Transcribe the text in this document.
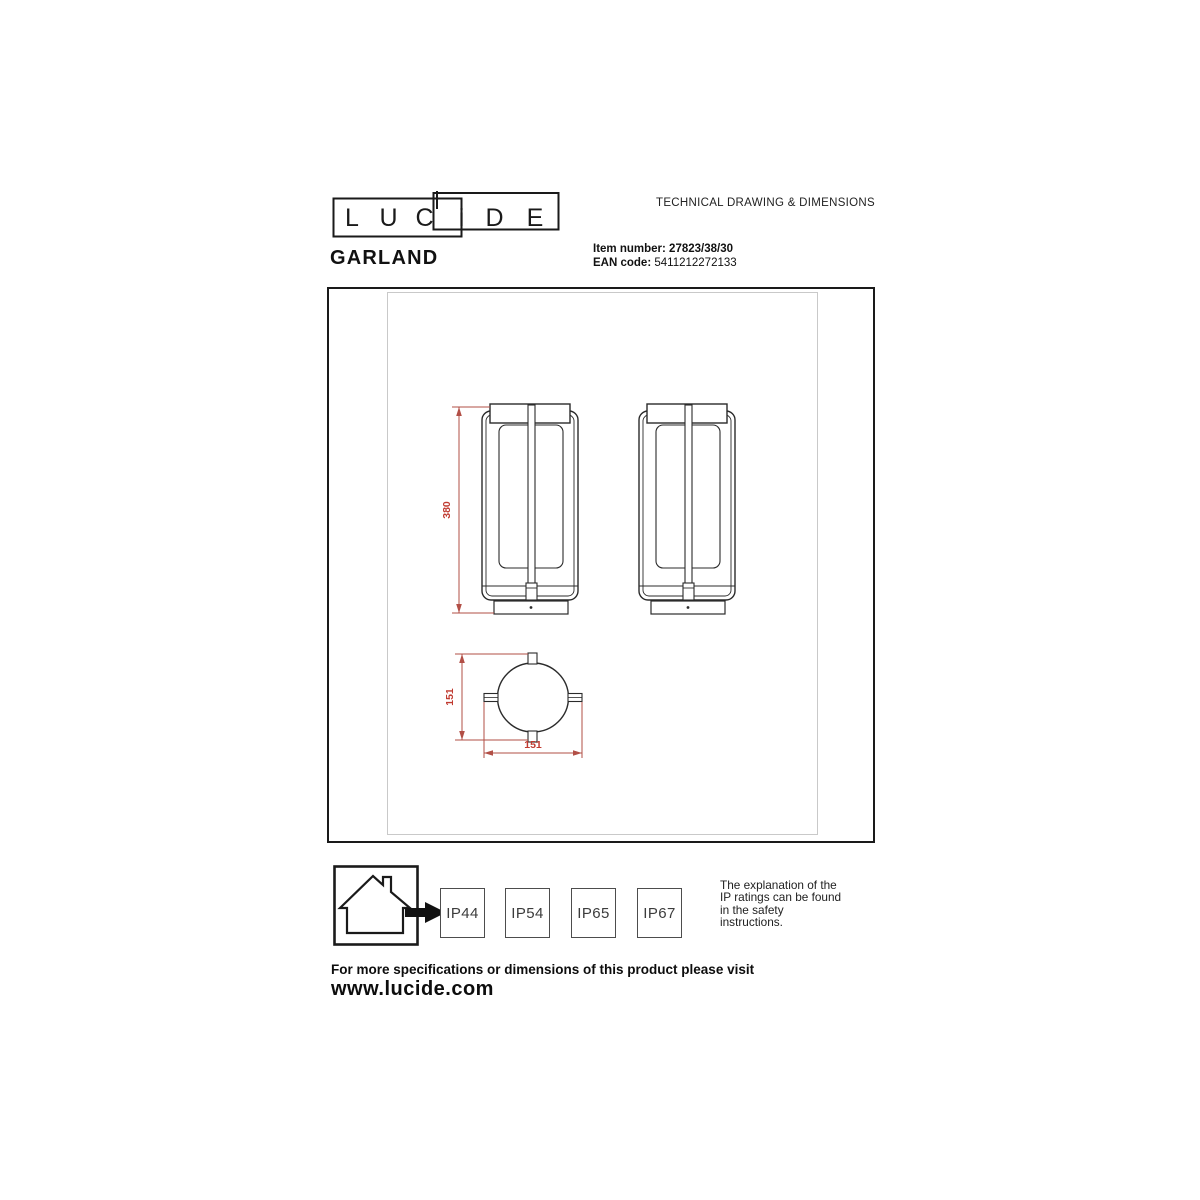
L U C i D E
TECHNICAL DRAWING & DIMENSIONS
GARLAND	Item number: 27823/38/30
EAN code: 5411212272133
380
151
151
IP44	IP54	IP65	IP67
The explanation of the
IP ratings can be found
in the safety
instructions.
For more specifications or dimensions of this product please visit
www.lucide.com
